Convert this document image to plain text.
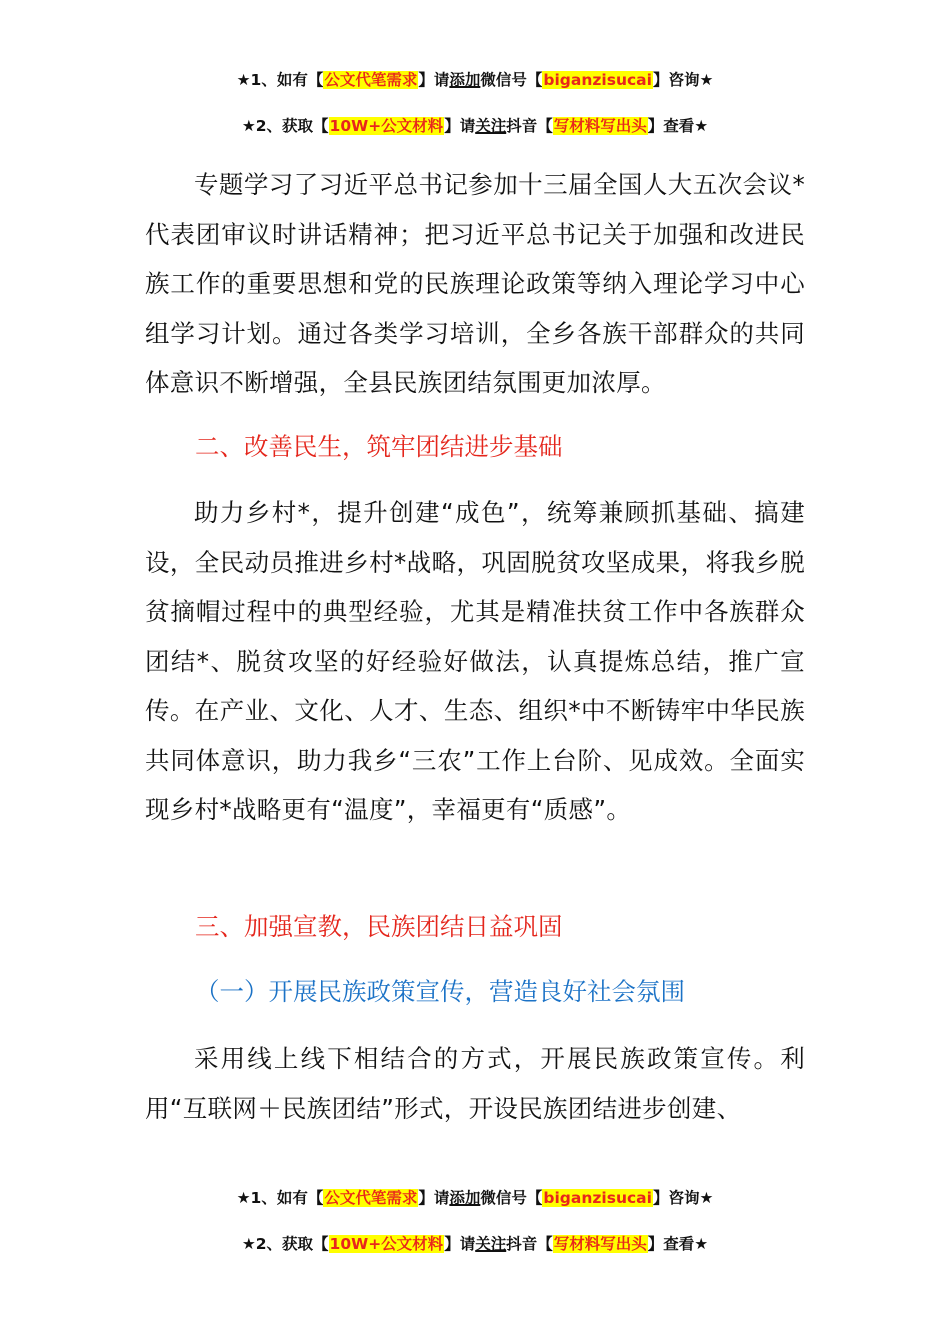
★1、如有【公文代笔需求】请添加微信号【biganzisucai】咨询★
★2、获取【10W+公文材料】请关注抖音【写材料写出头】查看★

专题学习了习近平总书记参加十三届全国人大五次会议*代表团审议时讲话精神；把习近平总书记关于加强和改进民族工作的重要思想和党的民族理论政策等纳入理论学习中心组学习计划。通过各类学习培训，全乡各族干部群众的共同体意识不断增强，全县民族团结氛围更加浓厚。

二、改善民生，筑牢团结进步基础

助力乡村*，提升创建“成色”，统筹兼顾抓基础、搞建设，全民动员推进乡村*战略，巩固脱贫攻坚成果，将我乡脱贫摘帽过程中的典型经验，尤其是精准扶贫工作中各族群众团结*、脱贫攻坚的好经验好做法，认真提炼总结，推广宣传。在产业、文化、人才、生态、组织*中不断铸牢中华民族共同体意识，助力我乡“三农”工作上台阶、见成效。全面实现乡村*战略更有“温度”，幸福更有“质感”。

三、加强宣教，民族团结日益巩固

（一）开展民族政策宣传，营造良好社会氛围

采用线上线下相结合的方式，开展民族政策宣传。利用“互联网＋民族团结”形式，开设民族团结进步创建、

★1、如有【公文代笔需求】请添加微信号【biganzisucai】咨询★
★2、获取【10W+公文材料】请关注抖音【写材料写出头】查看★
